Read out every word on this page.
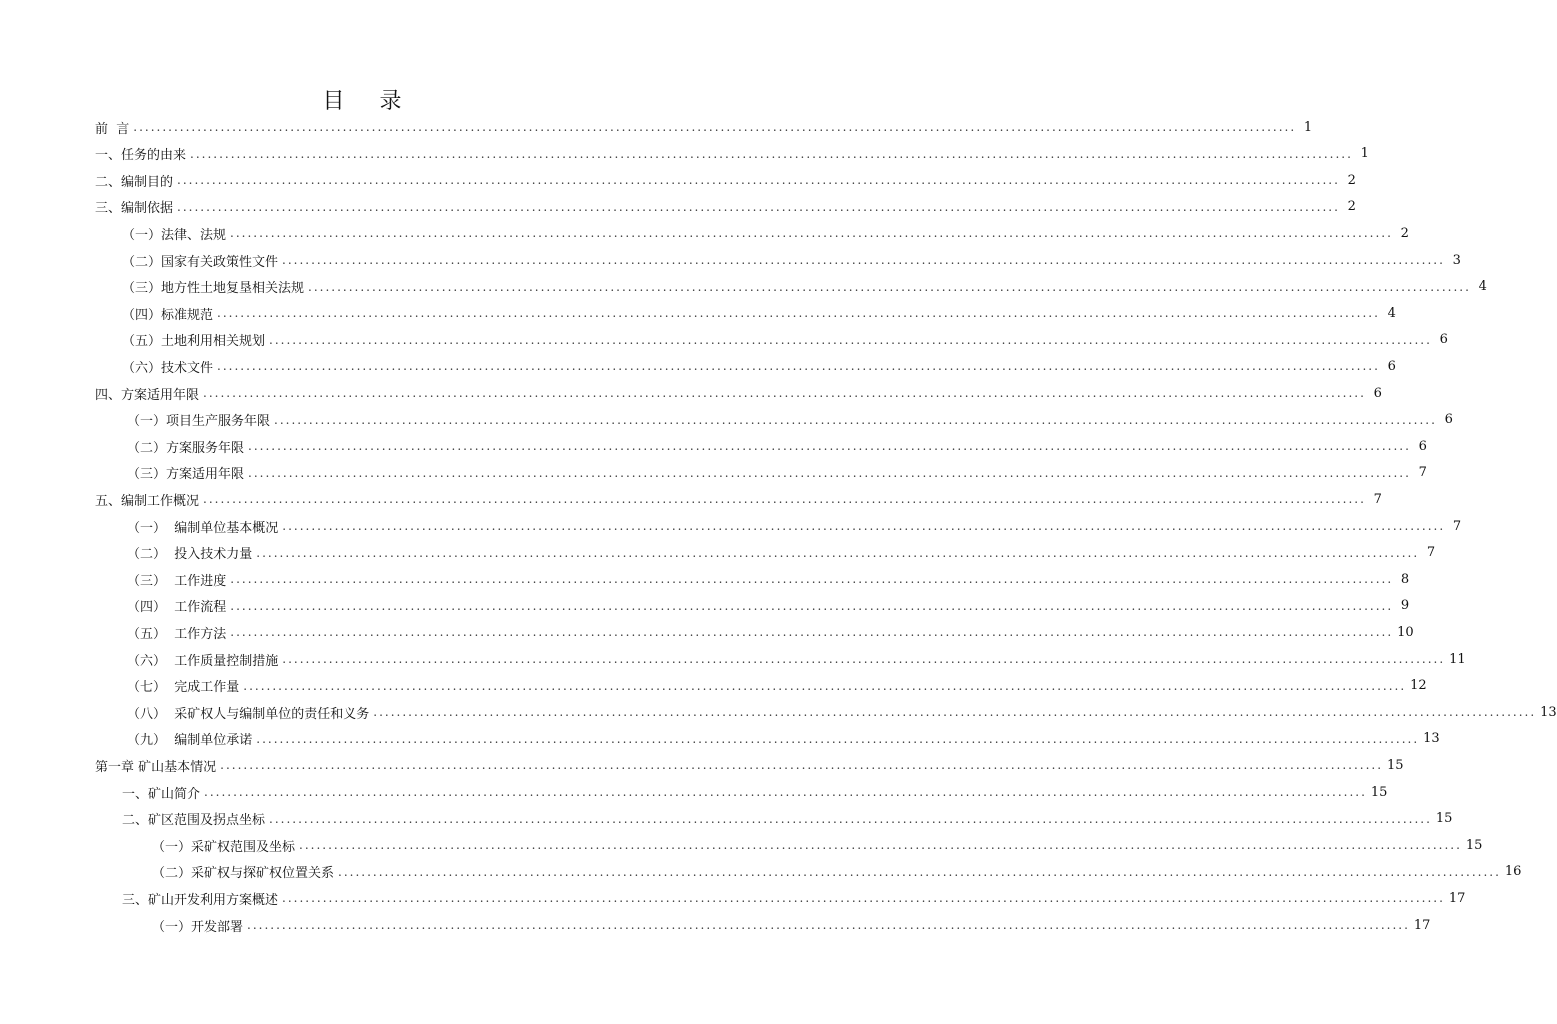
目 录
前  言 ........................................................................................................................................................................................................ 1
一、任务的由来 ........................................................................................................................................................................................................ 1
二、编制目的 ........................................................................................................................................................................................................ 2
三、编制依据 ........................................................................................................................................................................................................ 2
（一）法律、法规 ........................................................................................................................................................................................................ 2
（二）国家有关政策性文件 ........................................................................................................................................................................................................ 3
（三）地方性土地复垦相关法规 ........................................................................................................................................................................................................ 4
（四）标准规范 ........................................................................................................................................................................................................ 4
（五）土地利用相关规划 ........................................................................................................................................................................................................ 6
（六）技术文件 ........................................................................................................................................................................................................ 6
四、方案适用年限 ........................................................................................................................................................................................................ 6
（一）项目生产服务年限 ........................................................................................................................................................................................................ 6
（二）方案服务年限 ........................................................................................................................................................................................................ 6
（三）方案适用年限 ........................................................................................................................................................................................................ 7
五、编制工作概况 ........................................................................................................................................................................................................ 7
（一）  编制单位基本概况 ........................................................................................................................................................................................................ 7
（二）  投入技术力量 ........................................................................................................................................................................................................ 7
（三）  工作进度 ........................................................................................................................................................................................................ 8
（四）  工作流程 ........................................................................................................................................................................................................ 9
（五）  工作方法 ........................................................................................................................................................................................................ 10
（六）  工作质量控制措施 ........................................................................................................................................................................................................ 11
（七）  完成工作量 ........................................................................................................................................................................................................ 12
（八）  采矿权人与编制单位的责任和义务 ........................................................................................................................................................................................................ 13
（九）  编制单位承诺 ........................................................................................................................................................................................................ 13
第一章 矿山基本情况 ........................................................................................................................................................................................................ 15
一、矿山简介 ........................................................................................................................................................................................................ 15
二、矿区范围及拐点坐标 ........................................................................................................................................................................................................ 15
（一）采矿权范围及坐标 ........................................................................................................................................................................................................ 15
（二）采矿权与探矿权位置关系 ........................................................................................................................................................................................................ 16
三、矿山开发利用方案概述 ........................................................................................................................................................................................................ 17
（一）开发部署 ........................................................................................................................................................................................................ 17
